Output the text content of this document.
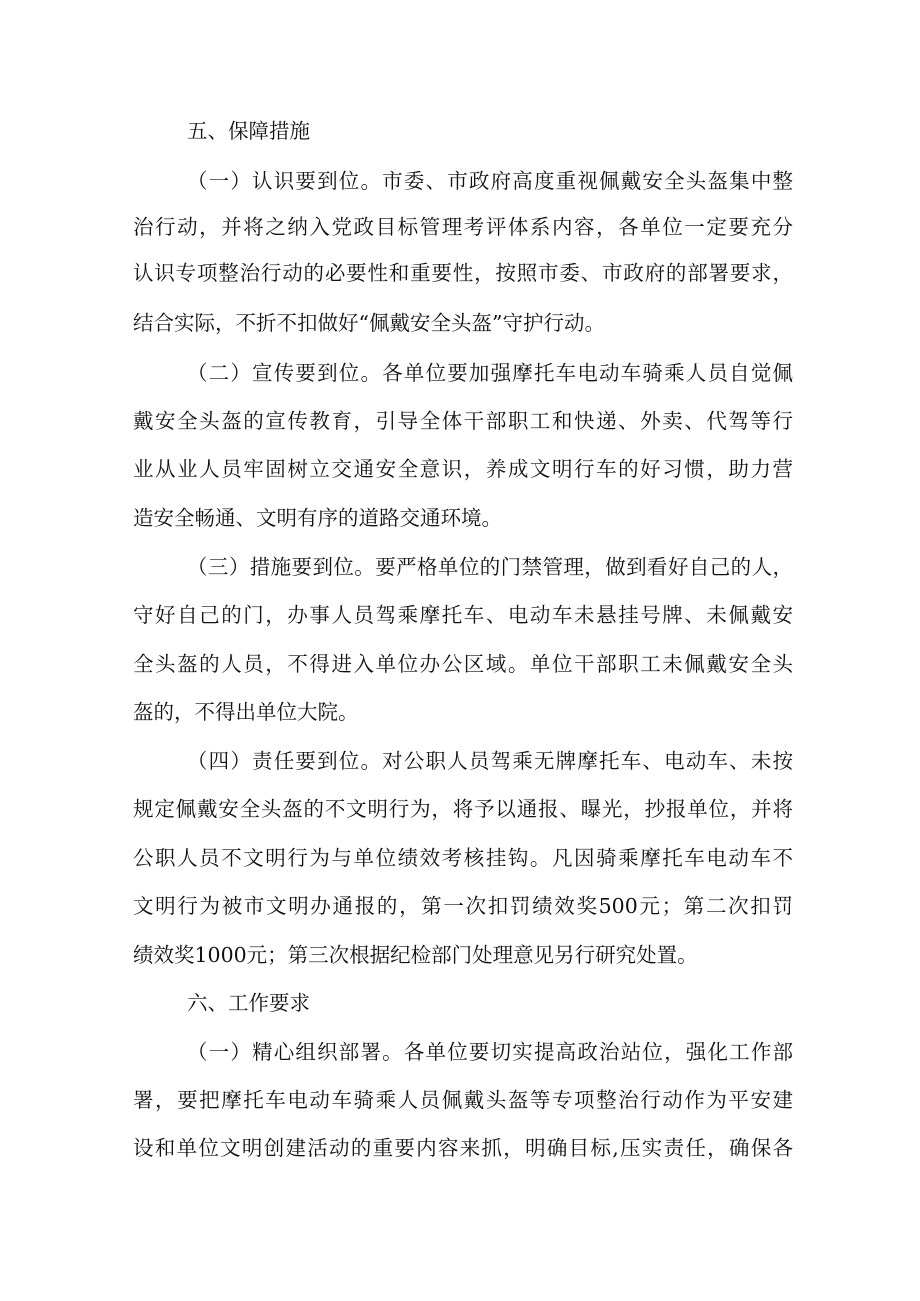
五、保障措施
（一）认识要到位。市委、市政府高度重视佩戴安全头盔集中整
治行动，并将之纳入党政目标管理考评体系内容，各单位一定要充分
认识专项整治行动的必要性和重要性，按照市委、市政府的部署要求，
结合实际，不折不扣做好“佩戴安全头盔”守护行动。
（二）宣传要到位。各单位要加强摩托车电动车骑乘人员自觉佩
戴安全头盔的宣传教育，引导全体干部职工和快递、外卖、代驾等行
业从业人员牢固树立交通安全意识，养成文明行车的好习惯，助力营
造安全畅通、文明有序的道路交通环境。
（三）措施要到位。要严格单位的门禁管理，做到看好自己的人，
守好自己的门，办事人员驾乘摩托车、电动车未悬挂号牌、未佩戴安
全头盔的人员，不得进入单位办公区域。单位干部职工未佩戴安全头
盔的，不得出单位大院。
（四）责任要到位。对公职人员驾乘无牌摩托车、电动车、未按
规定佩戴安全头盔的不文明行为，将予以通报、曝光，抄报单位，并将
公职人员不文明行为与单位绩效考核挂钩。凡因骑乘摩托车电动车不
文明行为被市文明办通报的，第一次扣罚绩效奖500元；第二次扣罚
绩效奖1000元；第三次根据纪检部门处理意见另行研究处置。
六、工作要求
（一）精心组织部署。各单位要切实提高政治站位，强化工作部
署，要把摩托车电动车骑乘人员佩戴头盔等专项整治行动作为平安建
设和单位文明创建活动的重要内容来抓，明确目标,压实责任，确保各
